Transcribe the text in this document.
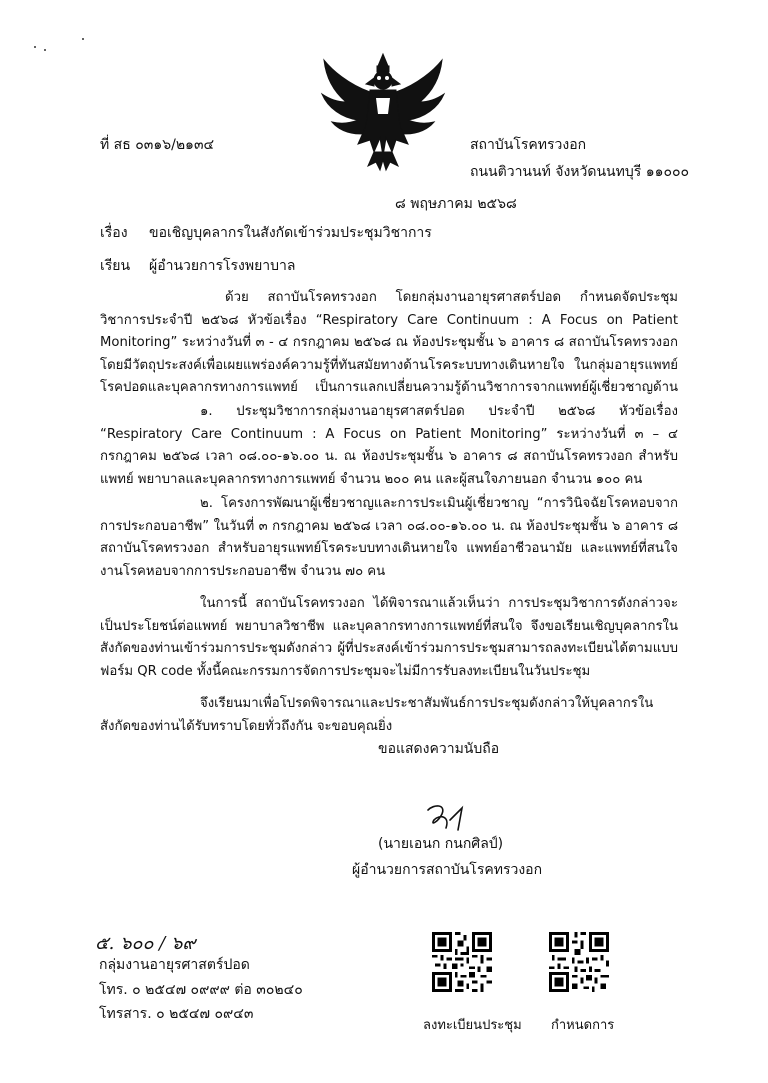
ที่ สธ ๐๓๑๖/๒๑๓๔	สถาบันโรคทรวงอก
ถนนติวานนท์ จังหวัดนนทบุรี ๑๑๐๐๐
๘ พฤษภาคม ๒๕๖๘
เรื่อง ขอเชิญบุคลากรในสังกัดเข้าร่วมประชุมวิชาการ
เรียน ผู้อำนวยการโรงพยาบาล
ด้วย สถาบันโรคทรวงอก โดยกลุ่มงานอายุรศาสตร์ปอด กำหนดจัดประชุมวิชาการประจำปี ๒๕๖๘ หัวข้อเรื่อง “Respiratory Care Continuum : A Focus on Patient Monitoring” ระหว่างวันที่ ๓ - ๔ กรกฎาคม ๒๕๖๘ ณ ห้องประชุมชั้น ๖ อาคาร ๘ สถาบันโรคทรวงอก โดยมีวัตถุประสงค์เพื่อเผยแพร่องค์ความรู้ที่ทันสมัยทางด้านโรคระบบทางเดินหายใจ ในกลุ่มอายุรแพทย์โรคปอดและบุคลากรทางการแพทย์ เป็นการแลกเปลี่ยนความรู้ด้านวิชาการจากแพทย์ผู้เชี่ยวชาญด้าน
๑. ประชุมวิชาการกลุ่มงานอายุรศาสตร์ปอด ประจำปี ๒๕๖๘ หัวข้อเรื่อง “Respiratory Care Continuum : A Focus on Patient Monitoring” ระหว่างวันที่ ๓ – ๔ กรกฎาคม ๒๕๖๘ เวลา ๐๘.๐๐-๑๖.๐๐ น. ณ ห้องประชุมชั้น ๖ อาคาร ๘ สถาบันโรคทรวงอก สำหรับแพทย์ พยาบาลและบุคลากรทางการแพทย์ จำนวน ๒๐๐ คน และผู้สนใจภายนอก จำนวน ๑๐๐ คน
๒. โครงการพัฒนาผู้เชี่ยวชาญและการประเมินผู้เชี่ยวชาญ “การวินิจฉัยโรคหอบจากการประกอบอาชีพ” ในวันที่ ๓ กรกฎาคม ๒๕๖๘ เวลา ๐๘.๐๐-๑๖.๐๐ น. ณ ห้องประชุมชั้น ๖ อาคาร ๘ สถาบันโรคทรวงอก สำหรับอายุรแพทย์โรคระบบทางเดินหายใจ แพทย์อาชีวอนามัย และแพทย์ที่สนใจงานโรคหอบจากการประกอบอาชีพ จำนวน ๗๐ คน
ในการนี้ สถาบันโรคทรวงอก ได้พิจารณาแล้วเห็นว่า การประชุมวิชาการดังกล่าวจะเป็นประโยชน์ต่อแพทย์ พยาบาลวิชาชีพ และบุคลากรทางการแพทย์ที่สนใจ จึงขอเรียนเชิญบุคลากรในสังกัดของท่านเข้าร่วมการประชุมดังกล่าว ผู้ที่ประสงค์เข้าร่วมการประชุมสามารถลงทะเบียนได้ตามแบบฟอร์ม QR code ทั้งนี้คณะกรรมการจัดการประชุมจะไม่มีการรับลงทะเบียนในวันประชุม
จึงเรียนมาเพื่อโปรดพิจารณาและประชาสัมพันธ์การประชุมดังกล่าวให้บุคลากรในสังกัดของท่านได้รับทราบโดยทั่วถึงกัน จะขอบคุณยิ่ง
ขอแสดงความนับถือ
(นายเอนก กนกศิลป์)
ผู้อำนวยการสถาบันโรคทรวงอก
๕. ๖๐๐ / ๖๙
กลุ่มงานอายุรศาสตร์ปอด
โทร. ๐ ๒๕๔๗ ๐๙๙๙ ต่อ ๓๐๒๔๐
โทรสาร. ๐ ๒๕๔๗ ๐๙๔๓
ลงทะเบียนประชุม กำหนดการ
